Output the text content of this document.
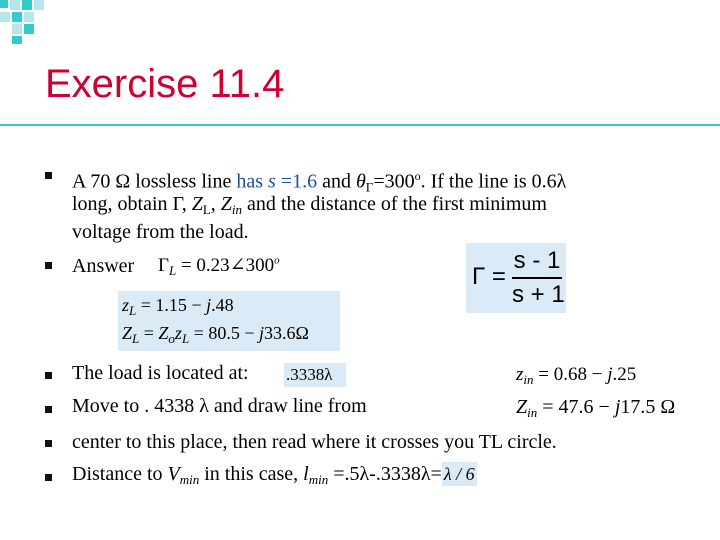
Exercise 11.4
A 70 Ω lossless line has s =1.6 and $\theta_\Gamma=300^o$. If the line is 0.6λ
long, obtain Γ, $Z_L$, $Z_{in}$ and the distance of the first minimum
voltage from the load.
Answer $\Gamma_L$ = $0.23\angle 300^o$
Γ =
s - 1
s + 1
$z_L = 1.15 - j.48$
$Z_L = Z_oz_L = 80.5 - j33.6\Omega$
The load is located at: .3338λ	$z_{in} = 0.68 - j.25$
Move to . 4338 λ and draw line from	$Z_{in} = 47.6 - j17.5$ Ω
center to this place, then read where it crosses you TL circle.
Distance to $V_{min}$ in this case, $l_{min} =.5\lambda-.3338\lambda= \lambda / 6$
